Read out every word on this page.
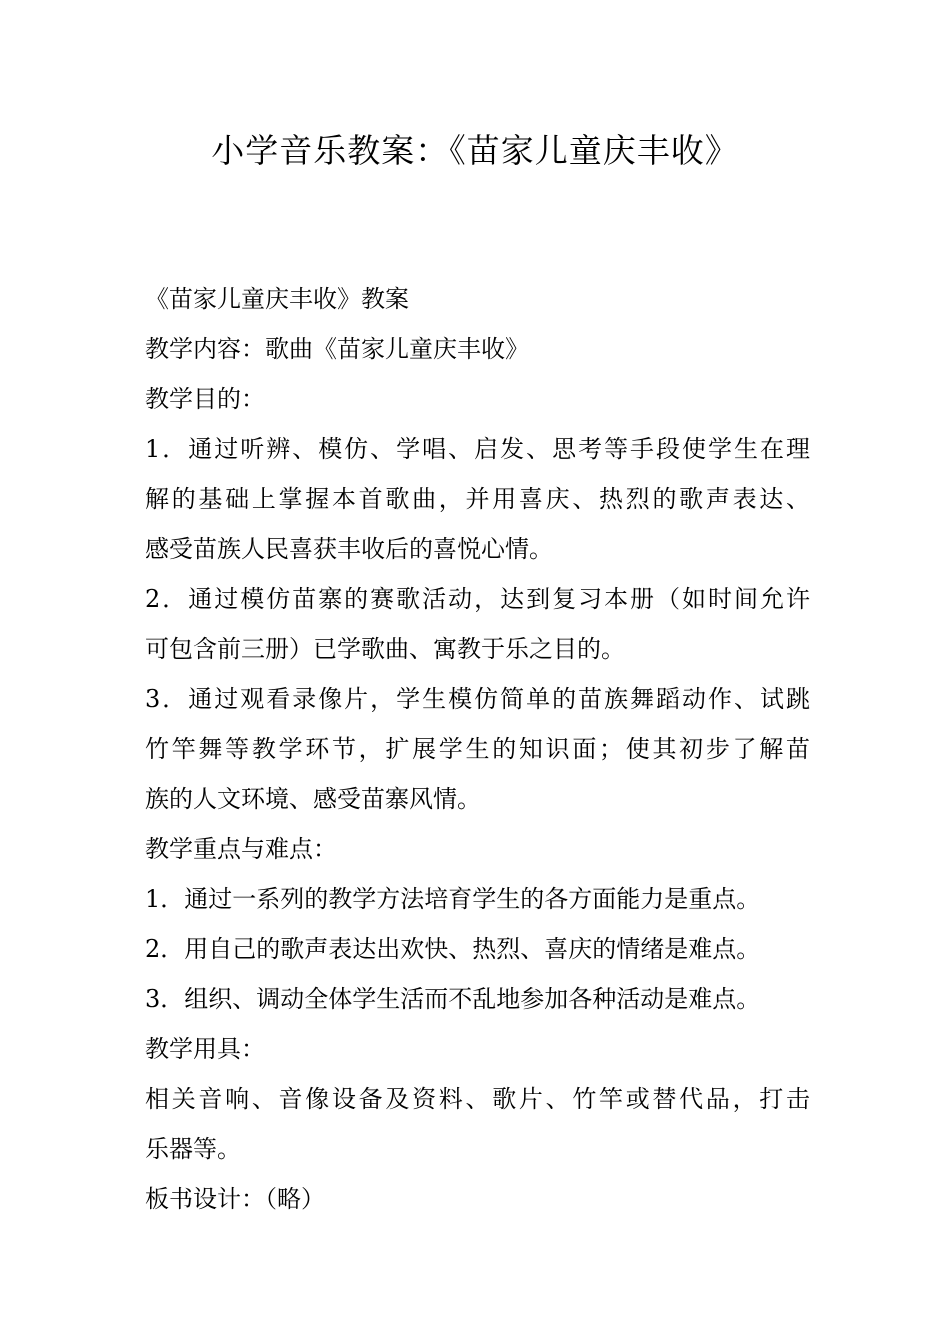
小学音乐教案：《苗家儿童庆丰收》
《苗家儿童庆丰收》教案
教学内容：歌曲《苗家儿童庆丰收》
教学目的：
1．通过听辨、模仿、学唱、启发、思考等手段使学生在理
解的基础上掌握本首歌曲，并用喜庆、热烈的歌声表达、
感受苗族人民喜获丰收后的喜悦心情。
2．通过模仿苗寨的赛歌活动，达到复习本册（如时间允许
可包含前三册）已学歌曲、寓教于乐之目的。
3．通过观看录像片，学生模仿简单的苗族舞蹈动作、试跳
竹竿舞等教学环节，扩展学生的知识面；使其初步了解苗
族的人文环境、感受苗寨风情。
教学重点与难点：
1．通过一系列的教学方法培育学生的各方面能力是重点。
2．用自己的歌声表达出欢快、热烈、喜庆的情绪是难点。
3．组织、调动全体学生活而不乱地参加各种活动是难点。
教学用具：
相关音响、音像设备及资料、歌片、竹竿或替代品，打击
乐器等。
板书设计：（略）
